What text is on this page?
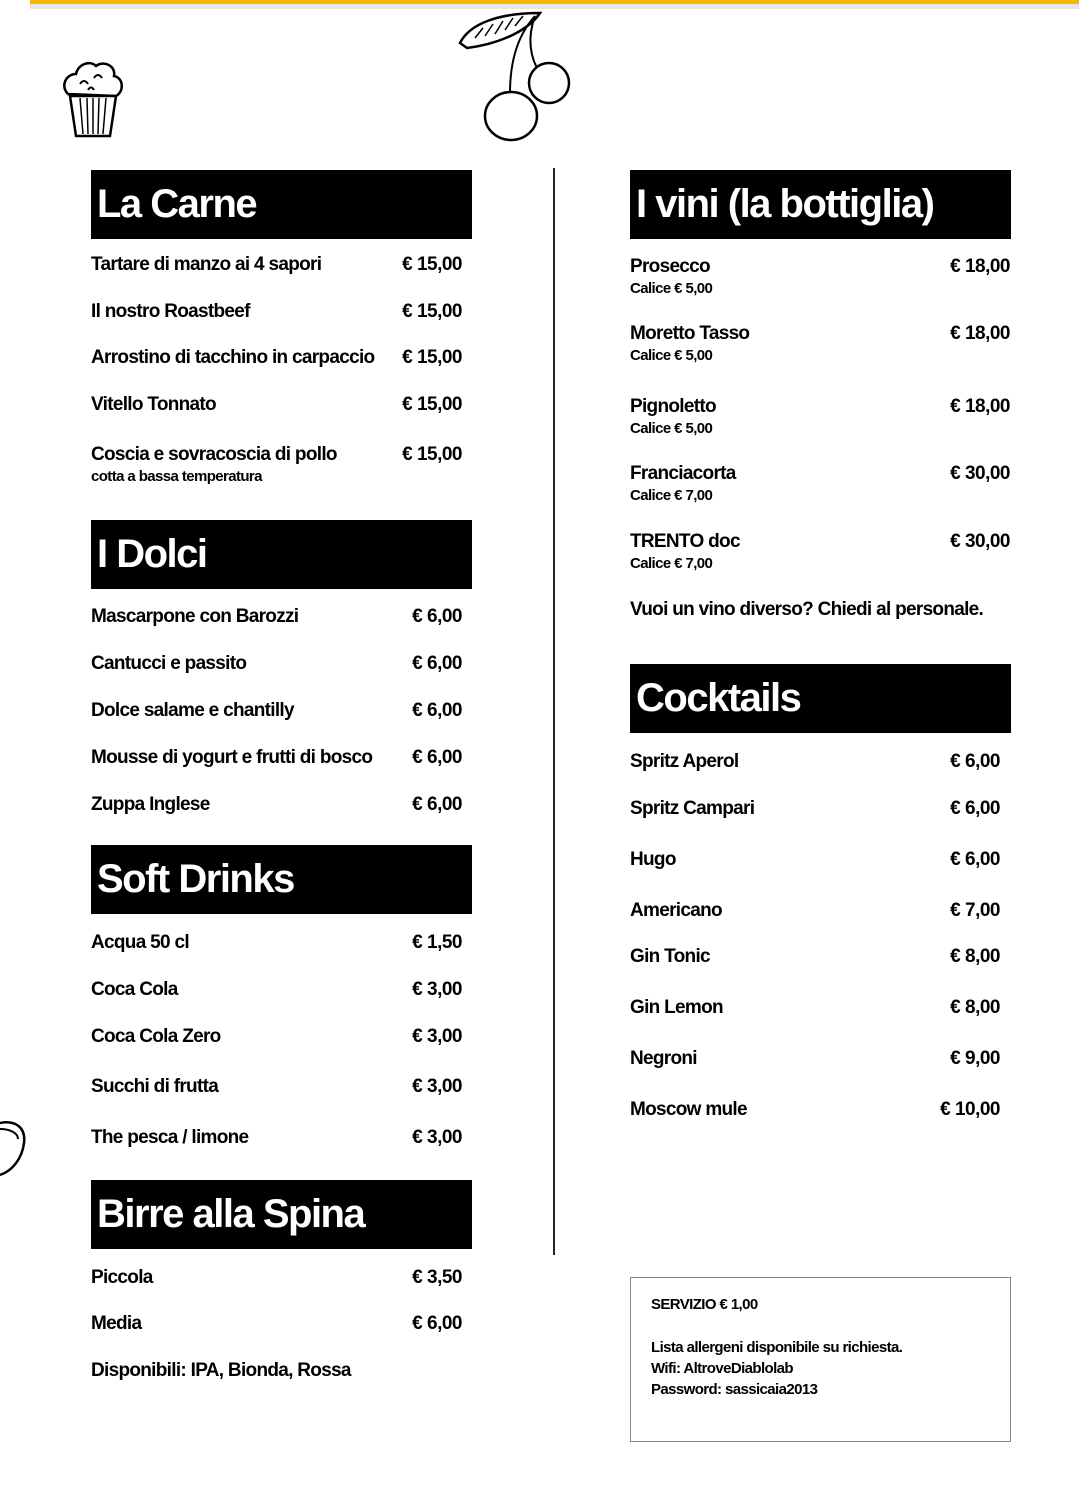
La Carne
Tartare di manzo ai 4 sapori	€ 15,00
Il nostro Roastbeef	€ 15,00
Arrostino di tacchino in carpaccio € 15,00
Vitello Tonnato	€ 15,00
Coscia e sovracoscia di pollo	€ 15,00
cotta a bassa temperatura
I Dolci
Mascarpone con Barozzi	€ 6,00
Cantucci e passito	€ 6,00
Dolce salame e chantilly	€ 6,00
Mousse di yogurt e frutti di bosco € 6,00
Zuppa Inglese	€ 6,00
Soft Drinks
Acqua 50 cl	€ 1,50
Coca Cola	€ 3,00
Coca Cola Zero	€ 3,00
Succhi di frutta	€ 3,00
The pesca / limone	€ 3,00
Birre alla Spina
Piccola	€ 3,50
Media	€ 6,00
Disponibili: IPA, Bionda, Rossa
I vini (la bottiglia)
Prosecco	€ 18,00
Calice € 5,00
Moretto Tasso	€ 18,00
Calice € 5,00
Pignoletto	€ 18,00
Calice € 5,00
Franciacorta	€ 30,00
Calice € 7,00
TRENTO doc	€ 30,00
Calice € 7,00
Vuoi un vino diverso? Chiedi al personale.
Cocktails
Spritz Aperol	€ 6,00
Spritz Campari	€ 6,00
Hugo	€ 6,00
Americano	€ 7,00
Gin Tonic	€ 8,00
Gin Lemon	€ 8,00
Negroni	€ 9,00
Moscow mule	€ 10,00
SERVIZIO € 1,00
Lista allergeni disponibile su richiesta.
Wifi: AltroveDiablolab
Password: sassicaia2013
